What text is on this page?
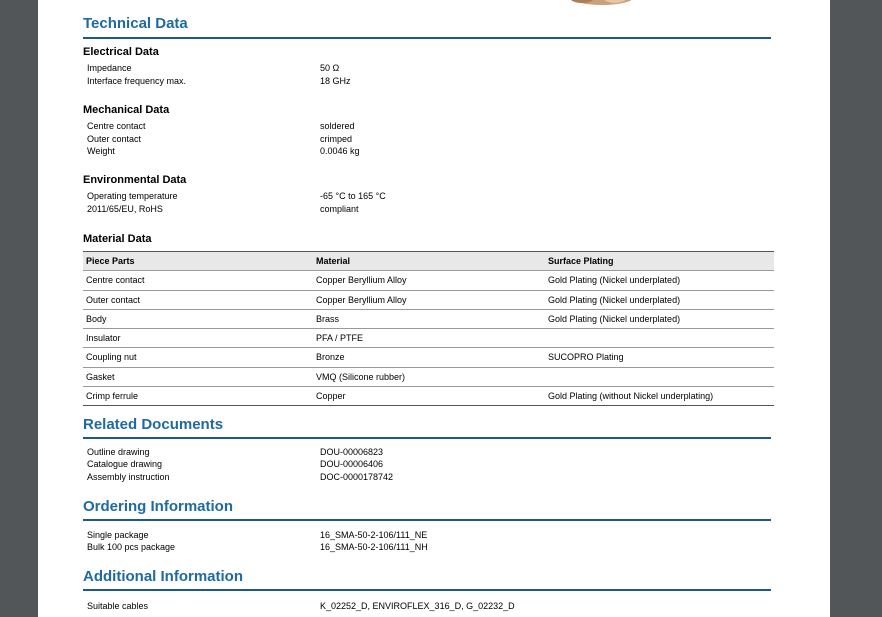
Technical Data
Electrical Data
Impedance	50 Ω
Interface frequency max.	18 GHz
Mechanical Data
Centre contact	soldered
Outer contact	crimped
Weight	0.0046 kg
Environmental Data
Operating temperature	-65 °C to 165 °C
2011/65/EU, RoHS	compliant
Material Data
Piece Parts	Material	Surface Plating
Centre contact	Copper Beryllium Alloy	Gold Plating (Nickel underplated)
Outer contact	Copper Beryllium Alloy	Gold Plating (Nickel underplated)
Body	Brass	Gold Plating (Nickel underplated)
Insulator	PFA / PTFE
Coupling nut	Bronze	SUCOPRO Plating
Gasket	VMQ (Silicone rubber)
Crimp ferrule	Copper	Gold Plating (without Nickel underplating)
Related Documents
Outline drawing	DOU-00006823
Catalogue drawing	DOU-00006406
Assembly instruction	DOC-0000178742
Ordering Information
Single package	16_SMA-50-2-106/111_NE
Bulk 100 pcs package	16_SMA-50-2-106/111_NH
Additional Information
Suitable cables	K_02252_D, ENVIROFLEX_316_D, G_02232_D
